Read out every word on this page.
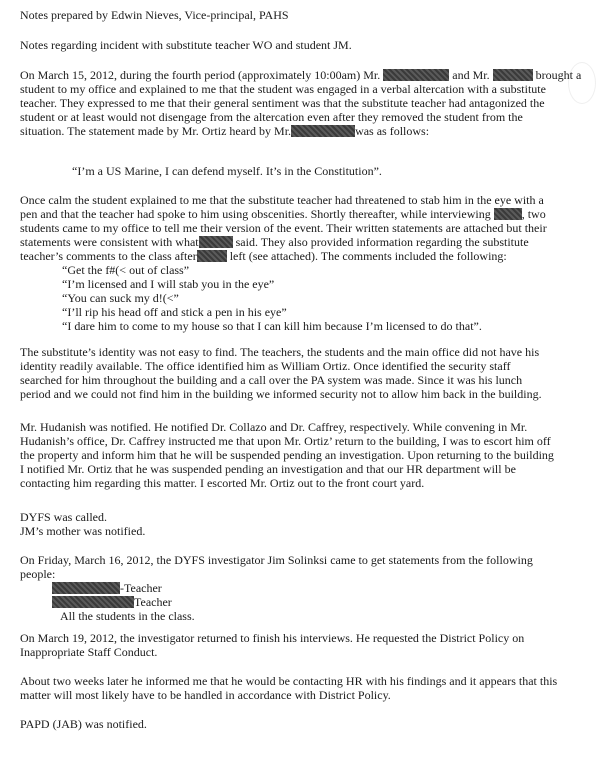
Notes prepared by Edwin Nieves, Vice-principal, PAHS

Notes regarding incident with substitute teacher WO and student JM.

On March 15, 2012, during the fourth period (approximately 10:00am) Mr.	and Mr.	brought a
student to my office and explained to me that the student was engaged in a verbal altercation with a substitute
teacher. They expressed to me that their general sentiment was that the substitute teacher had antagonized the
student or at least would not disengage from the altercation even after they removed the student from the
situation. The statement made by Mr. Ortiz heard by Mr.	was as follows:

“I’m a US Marine, I can defend myself. It’s in the Constitution”.

Once calm the student explained to me that the substitute teacher had threatened to stab him in the eye with a
pen and that the teacher had spoke to him using obscenities. Shortly thereafter, while interviewing	, two
students came to my office to tell me their version of the event. Their written statements are attached but their
statements were consistent with what	said. They also provided information regarding the substitute
teacher’s comments to the class after	left (see attached). The comments included the following:

“Get the f#(< out of class”
“I’m licensed and I will stab you in the eye”
“You can suck my d!(<”
“I’ll rip his head off and stick a pen in his eye”
“I dare him to come to my house so that I can kill him because I’m licensed to do that”.

The substitute’s identity was not easy to find. The teachers, the students and the main office did not have his
identity readily available. The office identified him as William Ortiz. Once identified the security staff
searched for him throughout the building and a call over the PA system was made. Since it was his lunch
period and we could not find him in the building we informed security not to allow him back in the building.

Mr. Hudanish was notified. He notified Dr. Collazo and Dr. Caffrey, respectively. While convening in Mr.
Hudanish’s office, Dr. Caffrey instructed me that upon Mr. Ortiz’ return to the building, I was to escort him off
the property and inform him that he will be suspended pending an investigation. Upon returning to the building
I notified Mr. Ortiz that he was suspended pending an investigation and that our HR department will be
contacting him regarding this matter. I escorted Mr. Ortiz out to the front court yard.

DYFS was called.
JM’s mother was notified.

On Friday, March 16, 2012, the DYFS investigator Jim Solinksi came to get statements from the following
people:

-Teacher
Teacher
All the students in the class.

On March 19, 2012, the investigator returned to finish his interviews. He requested the District Policy on
Inappropriate Staff Conduct.

About two weeks later he informed me that he would be contacting HR with his findings and it appears that this
matter will most likely have to be handled in accordance with District Policy.

PAPD (JAB) was notified.
